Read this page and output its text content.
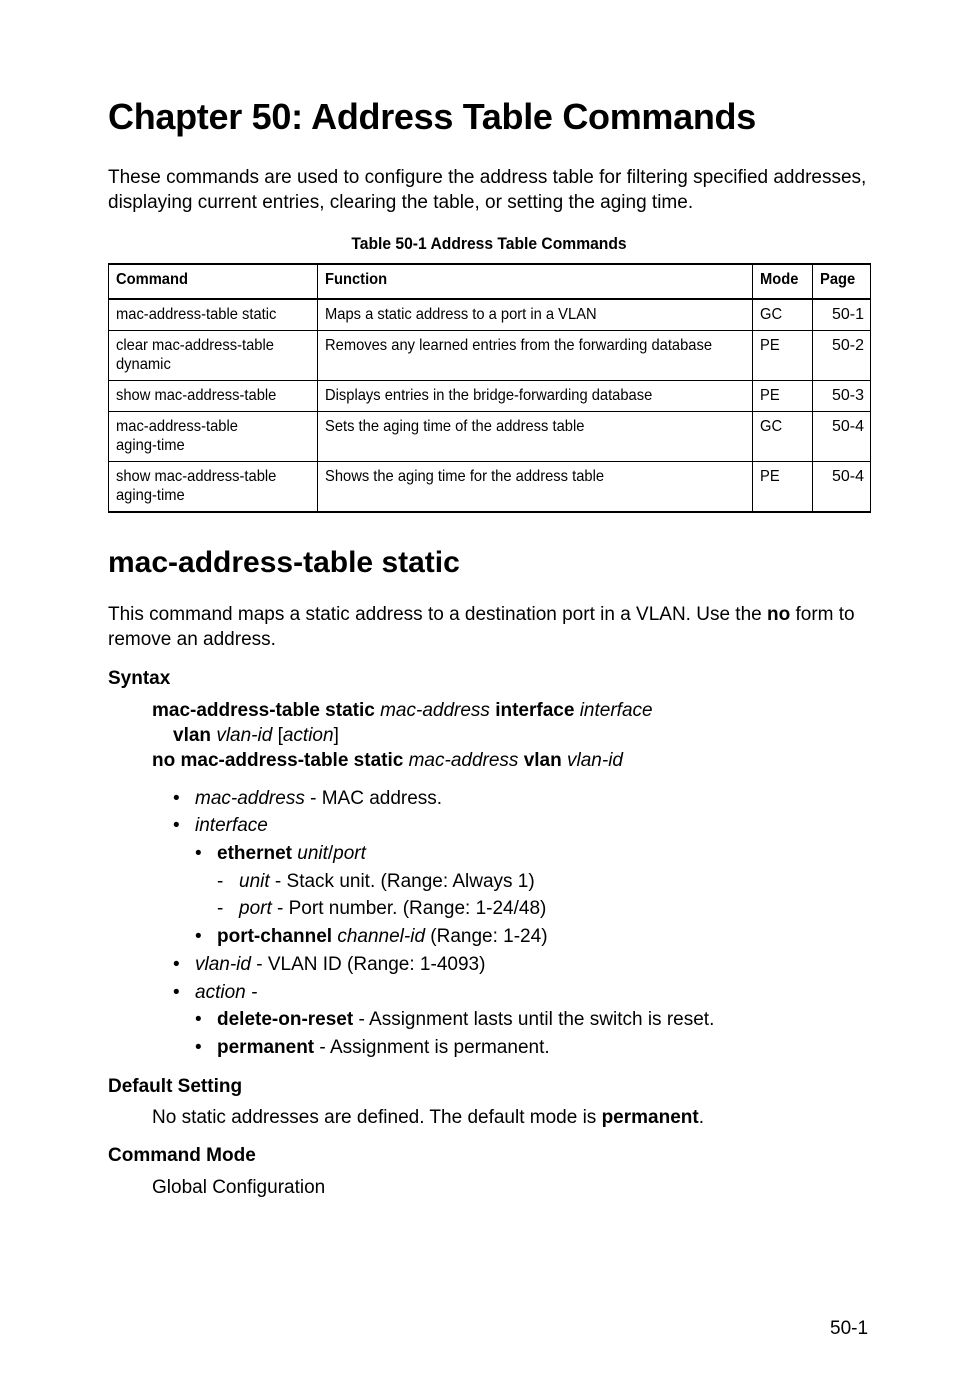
Chapter 50: Address Table Commands

These commands are used to configure the address table for filtering specified addresses, displaying current entries, clearing the table, or setting the aging time.

Table 50-1 Address Table Commands
Command	Function	Mode	Page
mac-address-table static	Maps a static address to a port in a VLAN	GC	50-1
clear mac-address-table dynamic	Removes any learned entries from the forwarding database	PE	50-2
show mac-address-table	Displays entries in the bridge-forwarding database	PE	50-3
mac-address-table aging-time	Sets the aging time of the address table	GC	50-4
show mac-address-table aging-time	Shows the aging time for the address table	PE	50-4
mac-address-table static

This command maps a static address to a destination port in a VLAN. Use the no form to remove an address.

Syntax
mac-address-table static mac-address interface interface
vlan vlan-id [action]
no mac-address-table static mac-address vlan vlan-id
• mac-address - MAC address.
• interface
• ethernet unit/port
- unit - Stack unit. (Range: Always 1)
- port - Port number. (Range: 1-24/48)
• port-channel channel-id (Range: 1-24)
• vlan-id - VLAN ID (Range: 1-4093)
• action -
• delete-on-reset - Assignment lasts until the switch is reset.
• permanent - Assignment is permanent.
Default Setting
No static addresses are defined. The default mode is permanent.
Command Mode
Global Configuration
50-1
